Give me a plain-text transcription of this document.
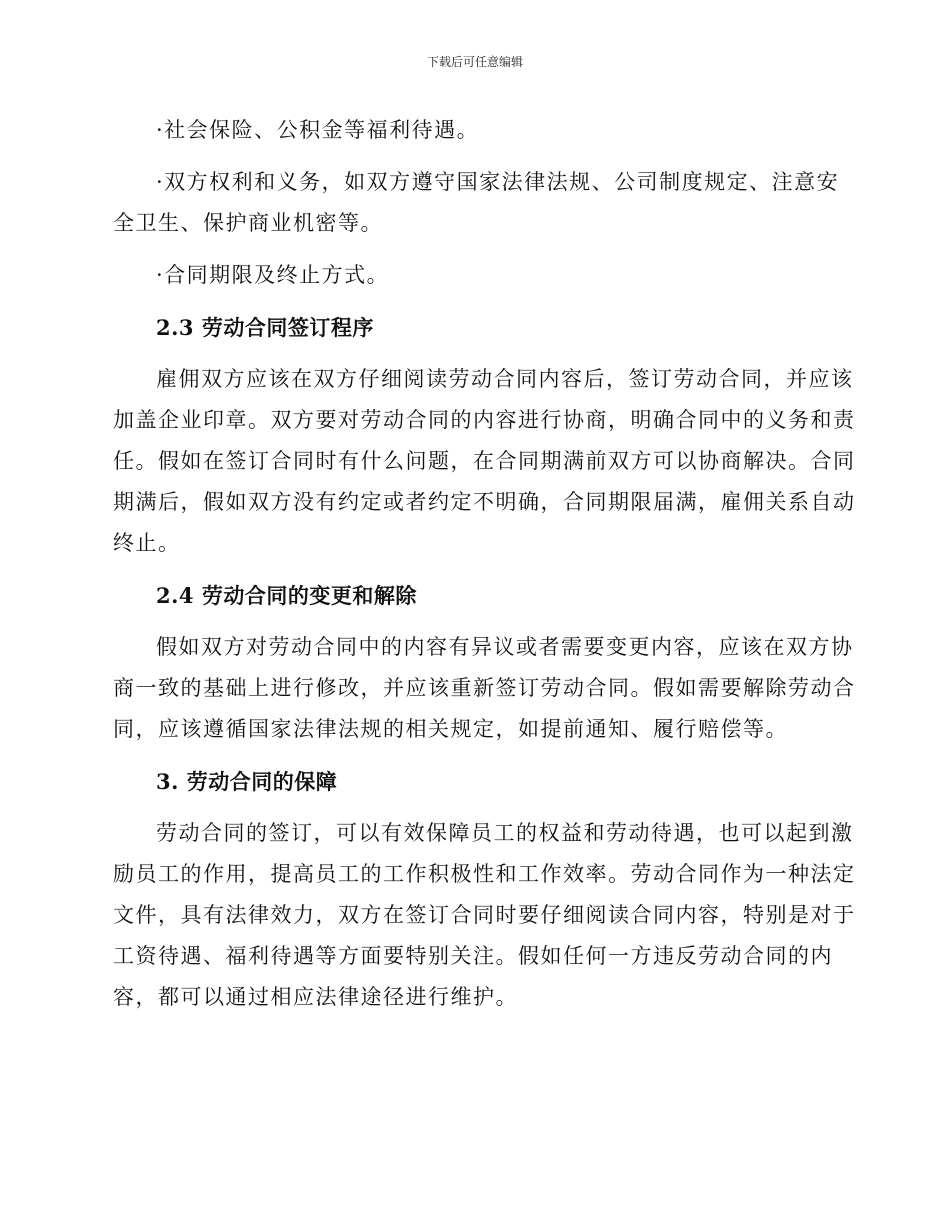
下载后可任意编辑
·社会保险、公积金等福利待遇。
·双方权利和义务，如双方遵守国家法律法规、公司制度规定、注意安
全卫生、保护商业机密等。
·合同期限及终止方式。
2.3 劳动合同签订程序
雇佣双方应该在双方仔细阅读劳动合同内容后，签订劳动合同，并应该
加盖企业印章。双方要对劳动合同的内容进行协商，明确合同中的义务和责
任。假如在签订合同时有什么问题，在合同期满前双方可以协商解决。合同
期满后，假如双方没有约定或者约定不明确，合同期限届满，雇佣关系自动
终止。
2.4 劳动合同的变更和解除
假如双方对劳动合同中的内容有异议或者需要变更内容，应该在双方协
商一致的基础上进行修改，并应该重新签订劳动合同。假如需要解除劳动合
同，应该遵循国家法律法规的相关规定，如提前通知、履行赔偿等。
3. 劳动合同的保障
劳动合同的签订，可以有效保障员工的权益和劳动待遇，也可以起到激
励员工的作用，提高员工的工作积极性和工作效率。劳动合同作为一种法定
文件，具有法律效力，双方在签订合同时要仔细阅读合同内容，特别是对于
工资待遇、福利待遇等方面要特别关注。假如任何一方违反劳动合同的内
容，都可以通过相应法律途径进行维护。
